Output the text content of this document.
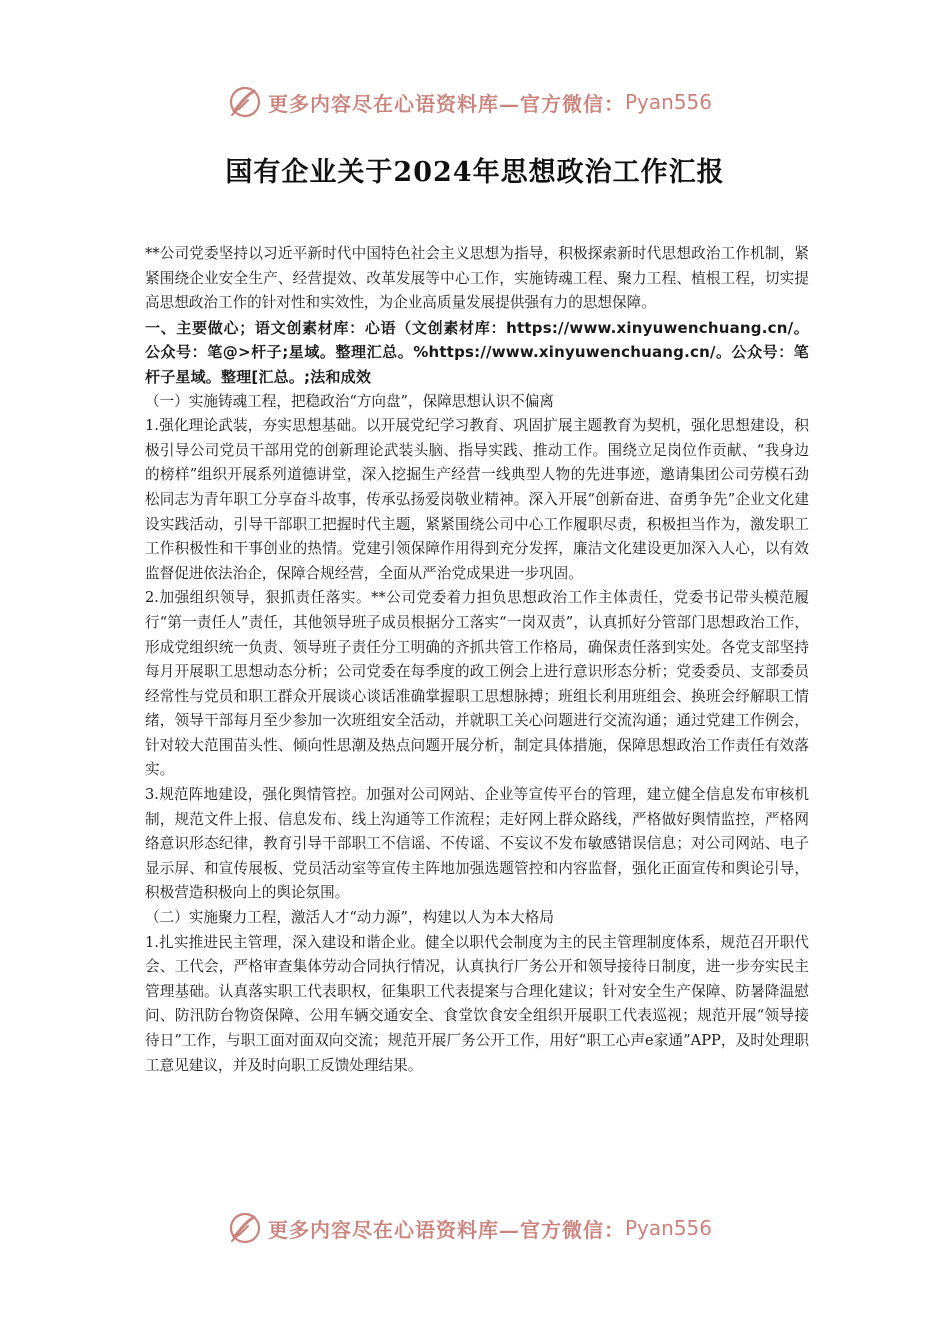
更多内容尽在心语资料库—官方微信： Pyan556
国有企业关于2024年思想政治工作汇报

**公司党委坚持以习近平新时代中国特色社会主义思想为指导，积极探索新时代思想政治工作机制，紧紧围绕企业安全生产、经营提效、改革发展等中心工作，实施铸魂工程、聚力工程、植根工程，切实提高思想政治工作的针对性和实效性，为企业高质量发展提供强有力的思想保障。

一、主要做心；语文创素材库：心语（文创素材库：https://www.xinyuwenchuang.cn/。公众号：笔@>杆子;星域。整理汇总。%https://www.xinyuwenchuang.cn/。公众号：笔杆子星域。整理[汇总。;法和成效

（一）实施铸魂工程，把稳政治“方向盘”，保障思想认识不偏离

1.强化理论武装，夯实思想基础。以开展党纪学习教育、巩固扩展主题教育为契机，强化思想建设，积极引导公司党员干部用党的创新理论武装头脑、指导实践、推动工作。围绕立足岗位作贡献、“我身边的榜样”组织开展系列道德讲堂，深入挖掘生产经营一线典型人物的先进事迹，邀请集团公司劳模石劲松同志为青年职工分享奋斗故事，传承弘扬爱岗敬业精神。深入开展“创新奋进、奋勇争先”企业文化建设实践活动，引导干部职工把握时代主题，紧紧围绕公司中心工作履职尽责，积极担当作为，激发职工工作积极性和干事创业的热情。党建引领保障作用得到充分发挥，廉洁文化建设更加深入人心，以有效监督促进依法治企，保障合规经营，全面从严治党成果进一步巩固。

2.加强组织领导，狠抓责任落实。**公司党委着力担负思想政治工作主体责任，党委书记带头模范履行“第一责任人”责任，其他领导班子成员根据分工落实“一岗双责”，认真抓好分管部门思想政治工作，形成党组织统一负责、领导班子责任分工明确的齐抓共管工作格局，确保责任落到实处。各党支部坚持每月开展职工思想动态分析；公司党委在每季度的政工例会上进行意识形态分析；党委委员、支部委员经常性与党员和职工群众开展谈心谈话准确掌握职工思想脉搏；班组长利用班组会、换班会纾解职工情绪，领导干部每月至少参加一次班组安全活动，并就职工关心问题进行交流沟通；通过党建工作例会，针对较大范围苗头性、倾向性思潮及热点问题开展分析，制定具体措施，保障思想政治工作责任有效落实。

3.规范阵地建设，强化舆情管控。加强对公司网站、企业等宣传平台的管理，建立健全信息发布审核机制，规范文件上报、信息发布、线上沟通等工作流程；走好网上群众路线，严格做好舆情监控，严格网络意识形态纪律，教育引导干部职工不信谣、不传谣、不妄议不发布敏感错误信息；对公司网站、电子显示屏、和宣传展板、党员活动室等宣传主阵地加强选题管控和内容监督，强化正面宣传和舆论引导，积极营造积极向上的舆论氛围。

（二）实施聚力工程，激活人才“动力源”，构建以人为本大格局

1.扎实推进民主管理，深入建设和谐企业。健全以职代会制度为主的民主管理制度体系，规范召开职代会、工代会，严格审查集体劳动合同执行情况，认真执行厂务公开和领导接待日制度，进一步夯实民主管理基础。认真落实职工代表职权，征集职工代表提案与合理化建议；针对安全生产保障、防暑降温慰问、防汛防台物资保障、公用车辆交通安全、食堂饮食安全组织开展职工代表巡视；规范开展“领导接待日”工作，与职工面对面双向交流；规范开展厂务公开工作，用好“职工心声e家通”APP，及时处理职工意见建议，并及时向职工反馈处理结果。

更多内容尽在心语资料库—官方微信： Pyan556
